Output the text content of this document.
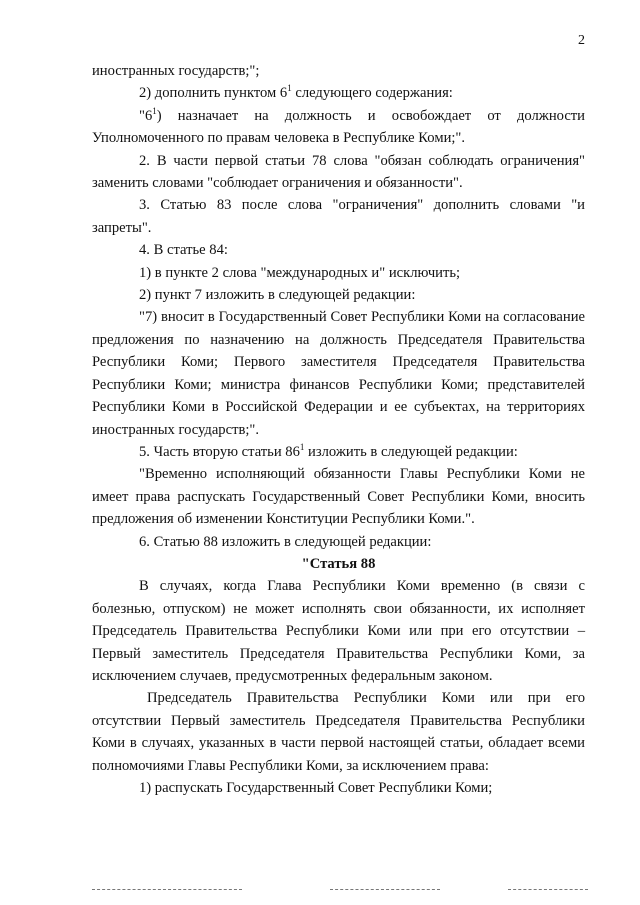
2

иностранных государств;";

2) дополнить пунктом $6^1$ следующего содержания:

"$6^1$) назначает на должность и освобождает от должности Уполномоченного по правам человека в Республике Коми;".

2. В части первой статьи 78 слова "обязан соблюдать ограничения" заменить словами "соблюдает ограничения и обязанности".

3. Статью 83 после слова "ограничения" дополнить словами "и запреты".

4. В статье 84:

1) в пункте 2 слова "международных и" исключить;

2) пункт 7 изложить в следующей редакции:

"7) вносит в Государственный Совет Республики Коми на согласование предложения по назначению на должность Председателя Правительства Республики Коми; Первого заместителя Председателя Правительства Республики Коми; министра финансов Республики Коми; представителей Республики Коми в Российской Федерации и ее субъектах, на территориях иностранных государств;".

5. Часть вторую статьи $86^1$ изложить в следующей редакции:

"Временно исполняющий обязанности Главы Республики Коми не имеет права распускать Государственный Совет Республики Коми, вносить предложения об изменении Конституции Республики Коми.".

6. Статью 88 изложить в следующей редакции:

"Статья 88

В случаях, когда Глава Республики Коми временно (в связи с болезнью, отпуском) не может исполнять свои обязанности, их исполняет Председатель Правительства Республики Коми или при его отсутствии – Первый заместитель Председателя Правительства Республики Коми, за исключением случаев, предусмотренных федеральным законом.

Председатель Правительства Республики Коми или при его отсутствии Первый заместитель Председателя Правительства Республики Коми в случаях, указанных в части первой настоящей статьи, обладает всеми полномочиями Главы Республики Коми, за исключением права:

1) распускать Государственный Совет Республики Коми;
